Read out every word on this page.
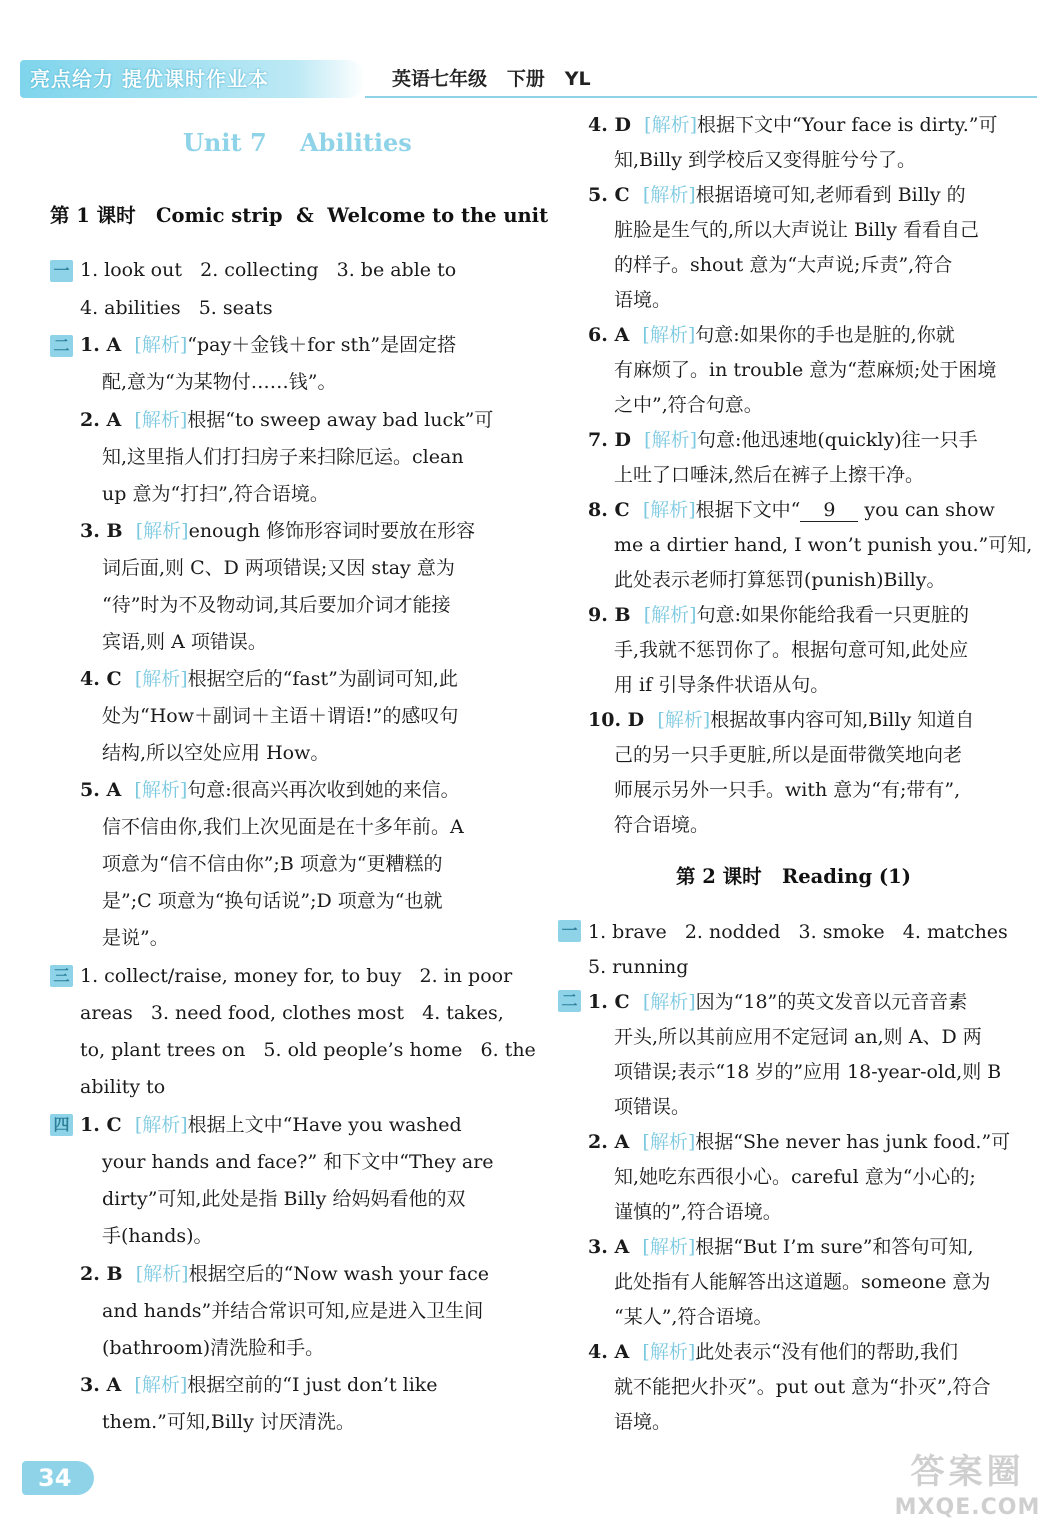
亮点给力 提优课时作业本	英语七年级   下册   YL
Unit 7    Abilities
第 1 课时   Comic strip  &  Welcome to the unit
第 2 课时   Reading (1)
一
二
三
四
一
二
1. look out   2. collecting   3. be able to
4. abilities   5. seats
1. A  [解析]“pay＋金钱＋for sth”是固定搭
配,意为“为某物付……钱”。
2. A  [解析]根据“to sweep away bad luck”可
知,这里指人们打扫房子来扫除厄运。clean
up 意为“打扫”,符合语境。
3. B  [解析]enough 修饰形容词时要放在形容
词后面,则 C、D 两项错误;又因 stay 意为
“待”时为不及物动词,其后要加介词才能接
宾语,则 A 项错误。
4. C  [解析]根据空后的“fast”为副词可知,此
处为“How＋副词＋主语＋谓语!”的感叹句
结构,所以空处应用 How。
5. A  [解析]句意:很高兴再次收到她的来信。
信不信由你,我们上次见面是在十多年前。A
项意为“信不信由你”;B 项意为“更糟糕的
是”;C 项意为“换句话说”;D 项意为“也就
是说”。
1. collect/raise, money for, to buy   2. in poor
areas   3. need food, clothes most   4. takes,
to, plant trees on   5. old people’s home   6. the
ability to
1. C  [解析]根据上文中“Have you washed
your hands and face?” 和下文中“They are
dirty”可知,此处是指 Billy 给妈妈看他的双
手(hands)。
2. B  [解析]根据空后的“Now wash your face
and hands”并结合常识可知,应是进入卫生间
(bathroom)清洗脸和手。
3. A  [解析]根据空前的“I just don’t like
them.”可知,Billy 讨厌清洗。
4. D  [解析]根据下文中“Your face is dirty.”可
知,Billy 到学校后又变得脏兮兮了。
5. C  [解析]根据语境可知,老师看到 Billy 的
脏脸是生气的,所以大声说让 Billy 看看自己
的样子。shout 意为“大声说;斥责”,符合
语境。
6. A  [解析]句意:如果你的手也是脏的,你就
有麻烦了。in trouble 意为“惹麻烦;处于困境
之中”,符合句意。
7. D  [解析]句意:他迅速地(quickly)往一只手
上吐了口唾沫,然后在裤子上擦干净。
8. C  [解析]根据下文中“ 9 you can show
me a dirtier hand, I won’t punish you.”可知,
此处表示老师打算惩罚(punish)Billy。
9. B  [解析]句意:如果你能给我看一只更脏的
手,我就不惩罚你了。根据句意可知,此处应
用 if 引导条件状语从句。
10. D  [解析]根据故事内容可知,Billy 知道自
己的另一只手更脏,所以是面带微笑地向老
师展示另外一只手。with 意为“有;带有”,
符合语境。
1. brave   2. nodded   3. smoke   4. matches
5. running
1. C  [解析]因为“18”的英文发音以元音音素
开头,所以其前应用不定冠词 an,则 A、D 两
项错误;表示“18 岁的”应用 18-year-old,则 B
项错误。
2. A  [解析]根据“She never has junk food.”可
知,她吃东西很小心。careful 意为“小心的;
谨慎的”,符合语境。
3. A  [解析]根据“But I’m sure”和答句可知,
此处指有人能解答出这道题。someone 意为
“某人”,符合语境。
4. A  [解析]此处表示“没有他们的帮助,我们
就不能把火扑灭”。put out 意为“扑灭”,符合
语境。
34	答案圈
MXQE.COM
